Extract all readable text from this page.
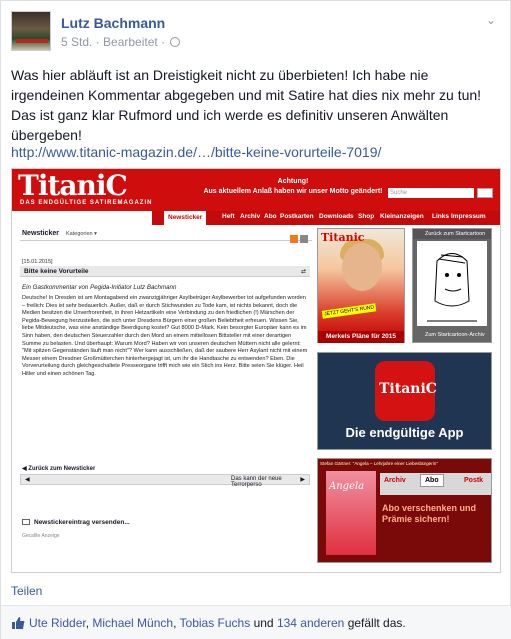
Lutz Bachmann
5 Std. · Bearbeitet ·
⌄
Was hier abläuft ist an Dreistigkeit nicht zu überbieten! Ich habe nie irgendeinen Kommentar abgegeben und mit Satire hat dies nix mehr zu tun! Das ist ganz klar Rufmord und ich werde es definitiv unseren Anwälten übergeben!
http://www.titanic-magazin.de/…/bitte-keine-vorurteile-7019/
TitaniC
DAS ENDGÜLTIGE SATIREMAGAZIN
Achtung!
Aus aktuellem Anlaß haben wir unser Motto geändert!	Suche
Newsticker	Heft Archiv Abo Postkarten Downloads Shop Kleinanzeigen Links Impressum
Newsticker Kategorien ▾
[15.01.2015]
Bitte keine Vorurteile	⇄
Ein Gastkommentar von Pegida-Initiator Lutz Bachmann
Deutsche! In Dresden ist am Montagabend ein zwanzigjähriger Asylbetrüger Asylbewerber tot aufgefunden worden – freilich: Dies ist sehr bedauerlich. Außer, daß er durch Stichwunden zu Tode kam, ist nichts bekannt, doch die Medien besitzen die Unverfrorenheit, in ihren Hetzartikeln eine Verbindung zu den friedlichen (!) Märschen der Pegida-Bewegung herzustellen, die sich unter Dresdens Bürgern einer großen Beliebtheit erfreuen. Wissen Sie, liebe Mitdeutsche, was eine anständige Beerdigung kostet? Gut 8000 D-Mark. Kein besorgter Europäer kann es im Sinn haben, den deutschen Steuerzahler durch den Mord an einem mittellosen Bittsteller mit einer derartigen Summe zu belasten. Und überhaupt: Warum Mord? Haben wir von unseren deutschen Müttern nicht alle gelernt: "Mit spitzen Gegenständen läuft man nicht"? Wer kann ausschließen, daß der saubere Herr Asylant nicht mit einem Messer einem Dresdner Großmütterchen hinterhergejagt ist, um ihr die Handtasche zu entwenden? Eben. Die Vorverurteilung durch gleichgeschaltete Presseorgane trifft mich wie ein Stich ins Herz. Bitte seien Sie klüger. Heil Hitler und einen schönen Tag.
◀ Zurück zum Newsticker
◀	Das kann der neue Terrorperso
▶
Newstickereintrag versenden...
Gecallte Anzeige
Titanic
JETZT GEHT'S RUND
Merkels Pläne für 2015
Zurück zum Startcartoon
Zum Startcartoon-Archiv
TitaniC
Die endgültige App
Stefan Gärtner: "Angela – Lehrjahre einer Liebesbürgerin"
Angela
Archiv	Abo	Postk
Abo verschenken und Prämie sichern!
Teilen
Ute Ridder, Michael Münch, Tobias Fuchs und 134 anderen gefällt das.
